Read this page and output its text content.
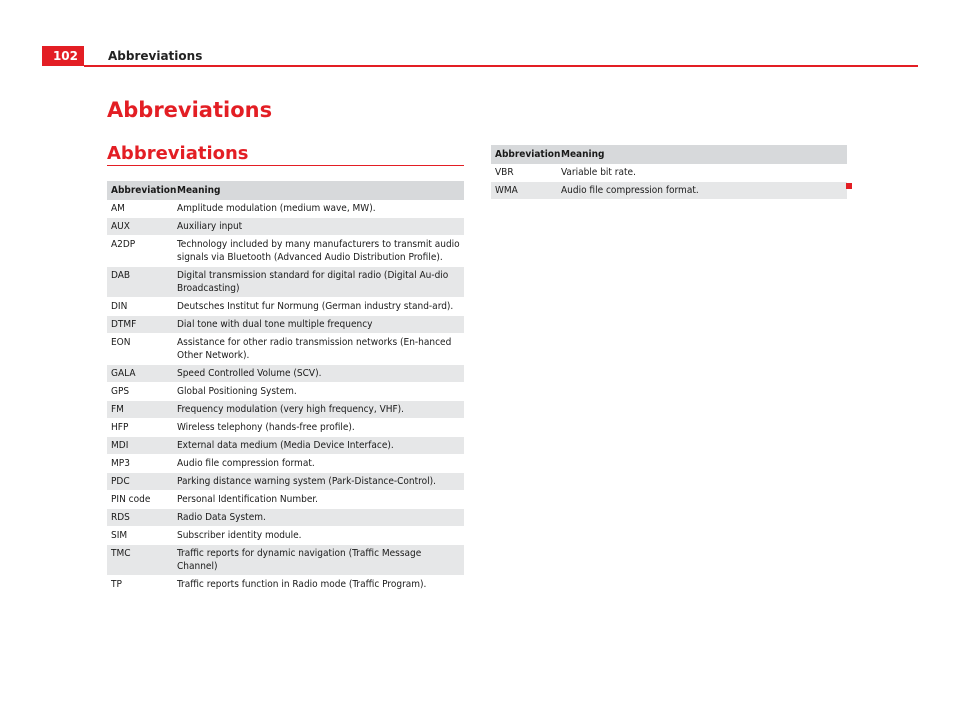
102	Abbreviations
Abbreviations
Abbreviations
Abbreviation	Meaning
AM	Amplitude modulation (medium wave, MW).
AUX	Auxiliary input
A2DP	Technology included by many manufacturers to transmit audio signals via Bluetooth (Advanced Audio Distribution Profile).
DAB	Digital transmission standard for digital radio (Digital Au-dio Broadcasting)
DIN	Deutsches Institut fur Normung (German industry stand-ard).
DTMF	Dial tone with dual tone multiple frequency
EON	Assistance for other radio transmission networks (En-hanced Other Network).
GALA	Speed Controlled Volume (SCV).
GPS	Global Positioning System.
FM	Frequency modulation (very high frequency, VHF).
HFP	Wireless telephony (hands-free profile).
MDI	External data medium (Media Device Interface).
MP3	Audio file compression format.
PDC	Parking distance warning system (Park-Distance-Control).
PIN code	Personal Identification Number.
RDS	Radio Data System.
SIM	Subscriber identity module.
TMC	Traffic reports for dynamic navigation (Traffic Message Channel)
TP	Traffic reports function in Radio mode (Traffic Program).
Abbreviation	Meaning
VBR	Variable bit rate.
WMA	Audio file compression format.
